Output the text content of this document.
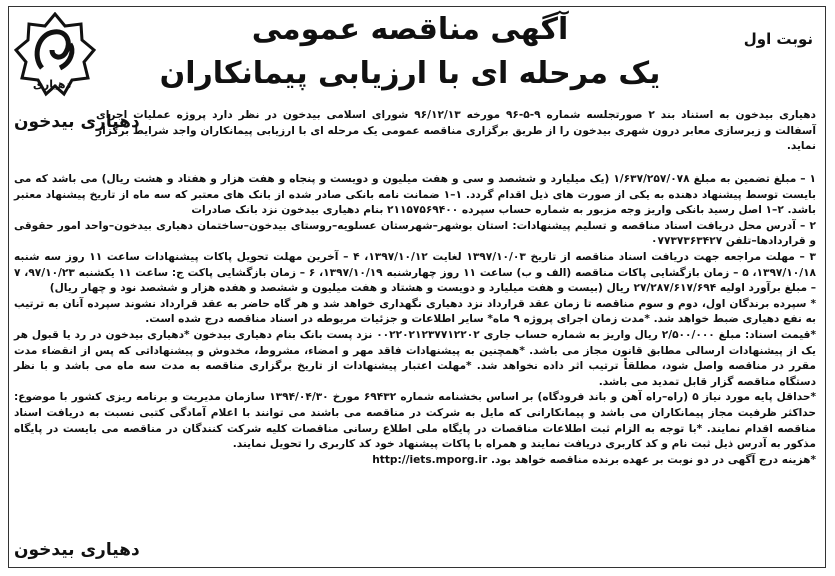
دهیاری
آگهی مناقصه عمومی
یک مرحله ای با ارزیابی پیمانکاران
نوبت اول
دهیاری بیدخون

دهیاری بیدخون به استناد بند ۲ صورتجلسه شماره ۹-۵-۹۶ مورخه ۹۶/۱۲/۱۳ شورای اسلامی بیدخون در نظر دارد پروژه عملیات اجرای آسفالت و زیرسازی معابر درون شهری بیدخون را از طریق برگزاری مناقصه عمومی یک مرحله ای با ارزیابی پیمانکاران واجد شرایط برگزار نماید.

۱ – مبلغ تضمین به مبلغ ۱/۶۳۷/۲۵۷/۰۷۸ (یک میلیارد و ششصد و سی و هفت میلیون و دویست و پنجاه و هفت هزار و هفتاد و هشت ریال) می باشد که می بایست توسط پیشنهاد دهنده به یکی از صورت های ذیل اقدام گردد. ۱–۱ ضمانت نامه بانکی صادر شده از بانک های معتبر که سه ماه از تاریخ پیشنهاد معتبر باشد. ۲–۱ اصل رسید بانکی واریز وجه مزبور به شماره حساب سپرده ۲۱۱۵۷۵۶۹۴۰۰ بنام دهیاری بیدخون نزد بانک صادرات

۲ – آدرس محل دریافت اسناد مناقصه و تسلیم پیشنهادات: استان بوشهر–شهرستان عسلویه–روستای بیدخون–ساختمان دهیاری بیدخون–واحد امور حقوقی و قراردادها–تلفن ۰۷۷۳۷۳۶۳۴۲۷

۳ – مهلت مراجعه جهت دریافت اسناد مناقصه از تاریخ ۱۳۹۷/۱۰/۰۳ لغایت ۱۳۹۷/۱۰/۱۲، ۴ – آخرین مهلت تحویل پاکات پیشنهادات ساعت ۱۱ روز سه شنبه ۱۳۹۷/۱۰/۱۸، ۵ – زمان بازگشایی پاکات مناقصه (الف و ب) ساعت ۱۱ روز چهارشنبه ۱۳۹۷/۱۰/۱۹، ۶ – زمان بازگشایی پاکت ج: ساعت ۱۱ یکشنبه ۹۷/۱۰/۲۳، ۷ – مبلغ برآورد اولیه ۲۷/۲۸۷/۶۱۷/۶۹۴ ریال (بیست و هفت میلیارد و دویست و هشتاد و هفت میلیون و ششصد و هفده هزار و ششصد نود و چهار ریال)

* سپرده برندگان اول، دوم و سوم مناقصه تا زمان عقد قرارداد نزد دهیاری نگهداری خواهد شد و هر گاه حاضر به عقد قرارداد نشوند سپرده آنان به ترتیب به نفع دهیاری ضبط خواهد شد. *مدت زمان اجرای پروژه ۹ ماه* سایر اطلاعات و جزئیات مربوطه در اسناد مناقصه درج شده است.

*قیمت اسناد: مبلغ ۲/۵۰۰/۰۰۰ ریال واریز به شماره حساب جاری ۰۰۲۲۰۲۱۲۳۷۷۱۲۲۰۲ نزد پست بانک بنام دهیاری بیدخون *دهیاری بیدخون در رد یا قبول هر یک از پیشنهادات ارسالی مطابق قانون مجاز می باشد. *همچنین به پیشنهادات فاقد مهر و امضاء، مشروط، مخدوش و پیشنهاداتی که پس از انقضاء مدت مقرر در مناقصه واصل شود، مطلقاً ترتیب اثر داده نخواهد شد. *مهلت اعتبار پیشنهادات از تاریخ برگزاری مناقصه به مدت سه ماه می باشد و با نظر دستگاه مناقصه گزار قابل تمدید می باشد.

*حداقل پایه مورد نیاز ۵ (راه–راه آهن و باند فرودگاه) بر اساس بخشنامه شماره ۶۹۴۳۲ مورخ ۱۳۹۴/۰۴/۳۰ سازمان مدیریت و برنامه ریزی کشور با موضوع: حداکثر ظرفیت مجاز پیمانکاران می باشد و پیمانکارانی که مایل به شرکت در مناقصه می باشند می توانند با اعلام آمادگی کتبی نسبت به دریافت اسناد مناقصه اقدام نمایند. *با توجه به الزام ثبت اطلاعات مناقصات در پایگاه ملی اطلاع رسانی مناقصات کلیه شرکت کنندگان در مناقصه می بایست در پایگاه مذکور به آدرس ذیل ثبت نام و کد کاربری دریافت نمایند و همراه با پاکات پیشنهاد خود کد کاربری را تحویل نمایند.

*هزینه درج آگهی در دو نوبت بر عهده برنده مناقصه خواهد بود. http://iets.mporg.ir

دهیاری بیدخون
